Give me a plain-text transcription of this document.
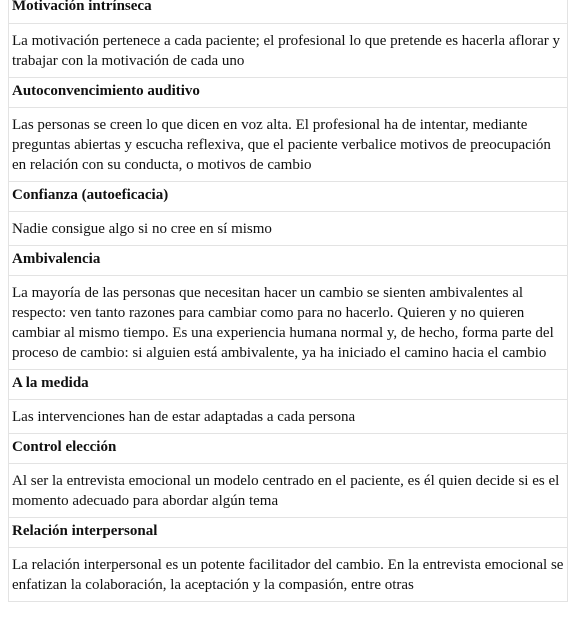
Motivación intrínseca
La motivación pertenece a cada paciente; el profesional lo que pretende es hacerla aflorar y trabajar con la motivación de cada uno
Autoconvencimiento auditivo
Las personas se creen lo que dicen en voz alta. El profesional ha de intentar, mediante preguntas abiertas y escucha reflexiva, que el paciente verbalice motivos de preocupación en relación con su conducta, o motivos de cambio
Confianza (autoeficacia)
Nadie consigue algo si no cree en sí mismo
Ambivalencia
La mayoría de las personas que necesitan hacer un cambio se sienten ambivalentes al respecto: ven tanto razones para cambiar como para no hacerlo. Quieren y no quieren cambiar al mismo tiempo. Es una experiencia humana normal y, de hecho, forma parte del proceso de cambio: si alguien está ambivalente, ya ha iniciado el camino hacia el cambio
A la medida
Las intervenciones han de estar adaptadas a cada persona
Control elección
Al ser la entrevista emocional un modelo centrado en el paciente, es él quien decide si es el momento adecuado para abordar algún tema
Relación interpersonal
La relación interpersonal es un potente facilitador del cambio. En la entrevista emocional se enfatizan la colaboración, la aceptación y la compasión, entre otras
